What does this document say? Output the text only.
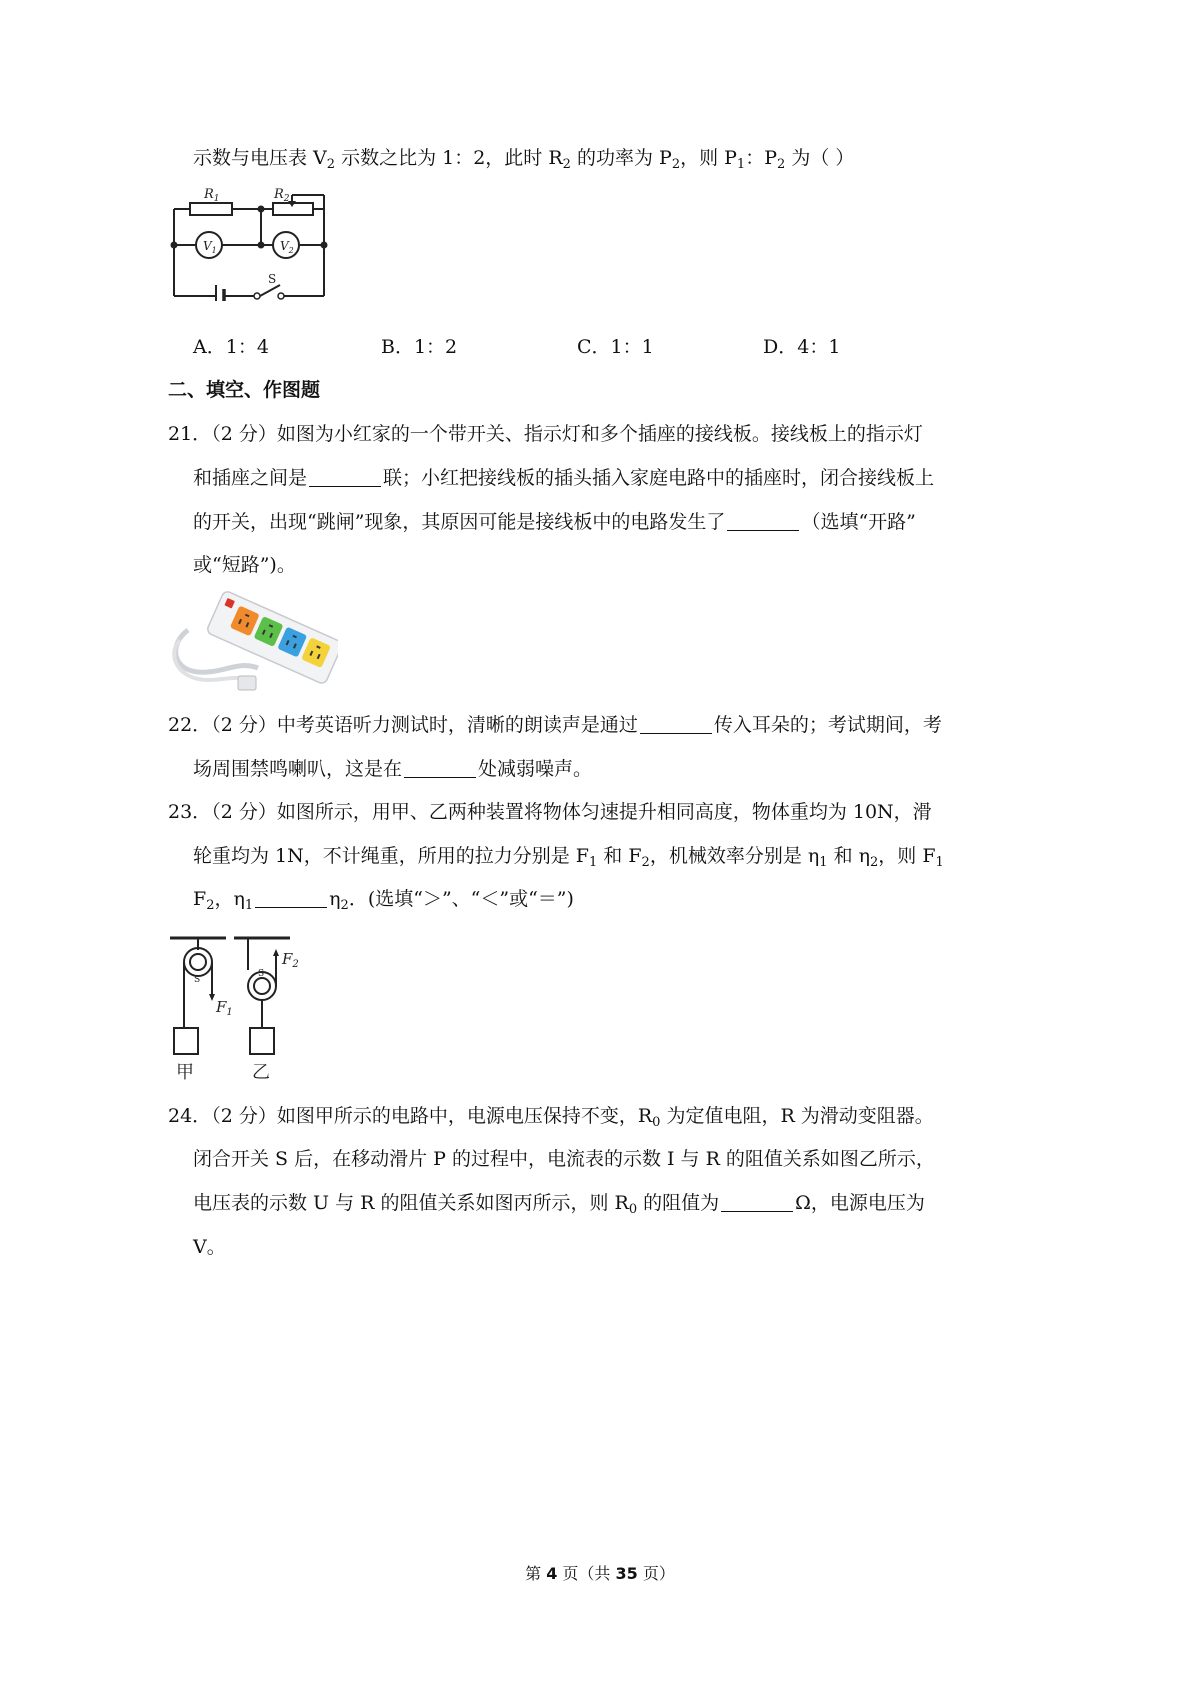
示数与电压表 $V_2$ 示数之比为 1：2，此时 $R_2$ 的功率为 $P_2$，则 $P_1$：$P_2$ 为（ ）
$R_1$	$R_2$
$V_1$	$V_2$
S
A．1：4	B．1：2	C．1：1	D．4：1
二、填空、作图题
21．（2 分）如图为小红家的一个带开关、指示灯和多个插座的接线板。接线板上的指示灯
和插座之间是	联；小红把接线板的插头插入家庭电路中的插座时，闭合接线板上
的开关，出现“跳闸”现象，其原因可能是接线板中的电路发生了	（选填“开路”
或“短路”)。
22．（2 分）中考英语听力测试时，清晰的朗读声是通过	传入耳朵的；考试期间，考
场周围禁鸣喇叭，这是在	处减弱噪声。
23．（2 分）如图所示，用甲、乙两种装置将物体匀速提升相同高度，物体重均为 10N，滑
轮重均为 1N，不计绳重，所用的拉力分别是 $F_1$ 和 $F_2$，机械效率分别是 $\eta_1$ 和 $\eta_2$，则 $F_1$
$F_2$，$\eta_1$	$\eta_2$．(选填“＞”、“＜”或“＝”)
$F_1$
$F_2$
S
S
甲	乙
24．（2 分）如图甲所示的电路中，电源电压保持不变，$R_0$ 为定值电阻，R 为滑动变阻器。
闭合开关 S 后，在移动滑片 P 的过程中，电流表的示数 I 与 R 的阻值关系如图乙所示，
电压表的示数 U 与 R 的阻值关系如图丙所示，则 $R_0$ 的阻值为	Ω，电源电压为
V。
第 4 页（共 35 页）
